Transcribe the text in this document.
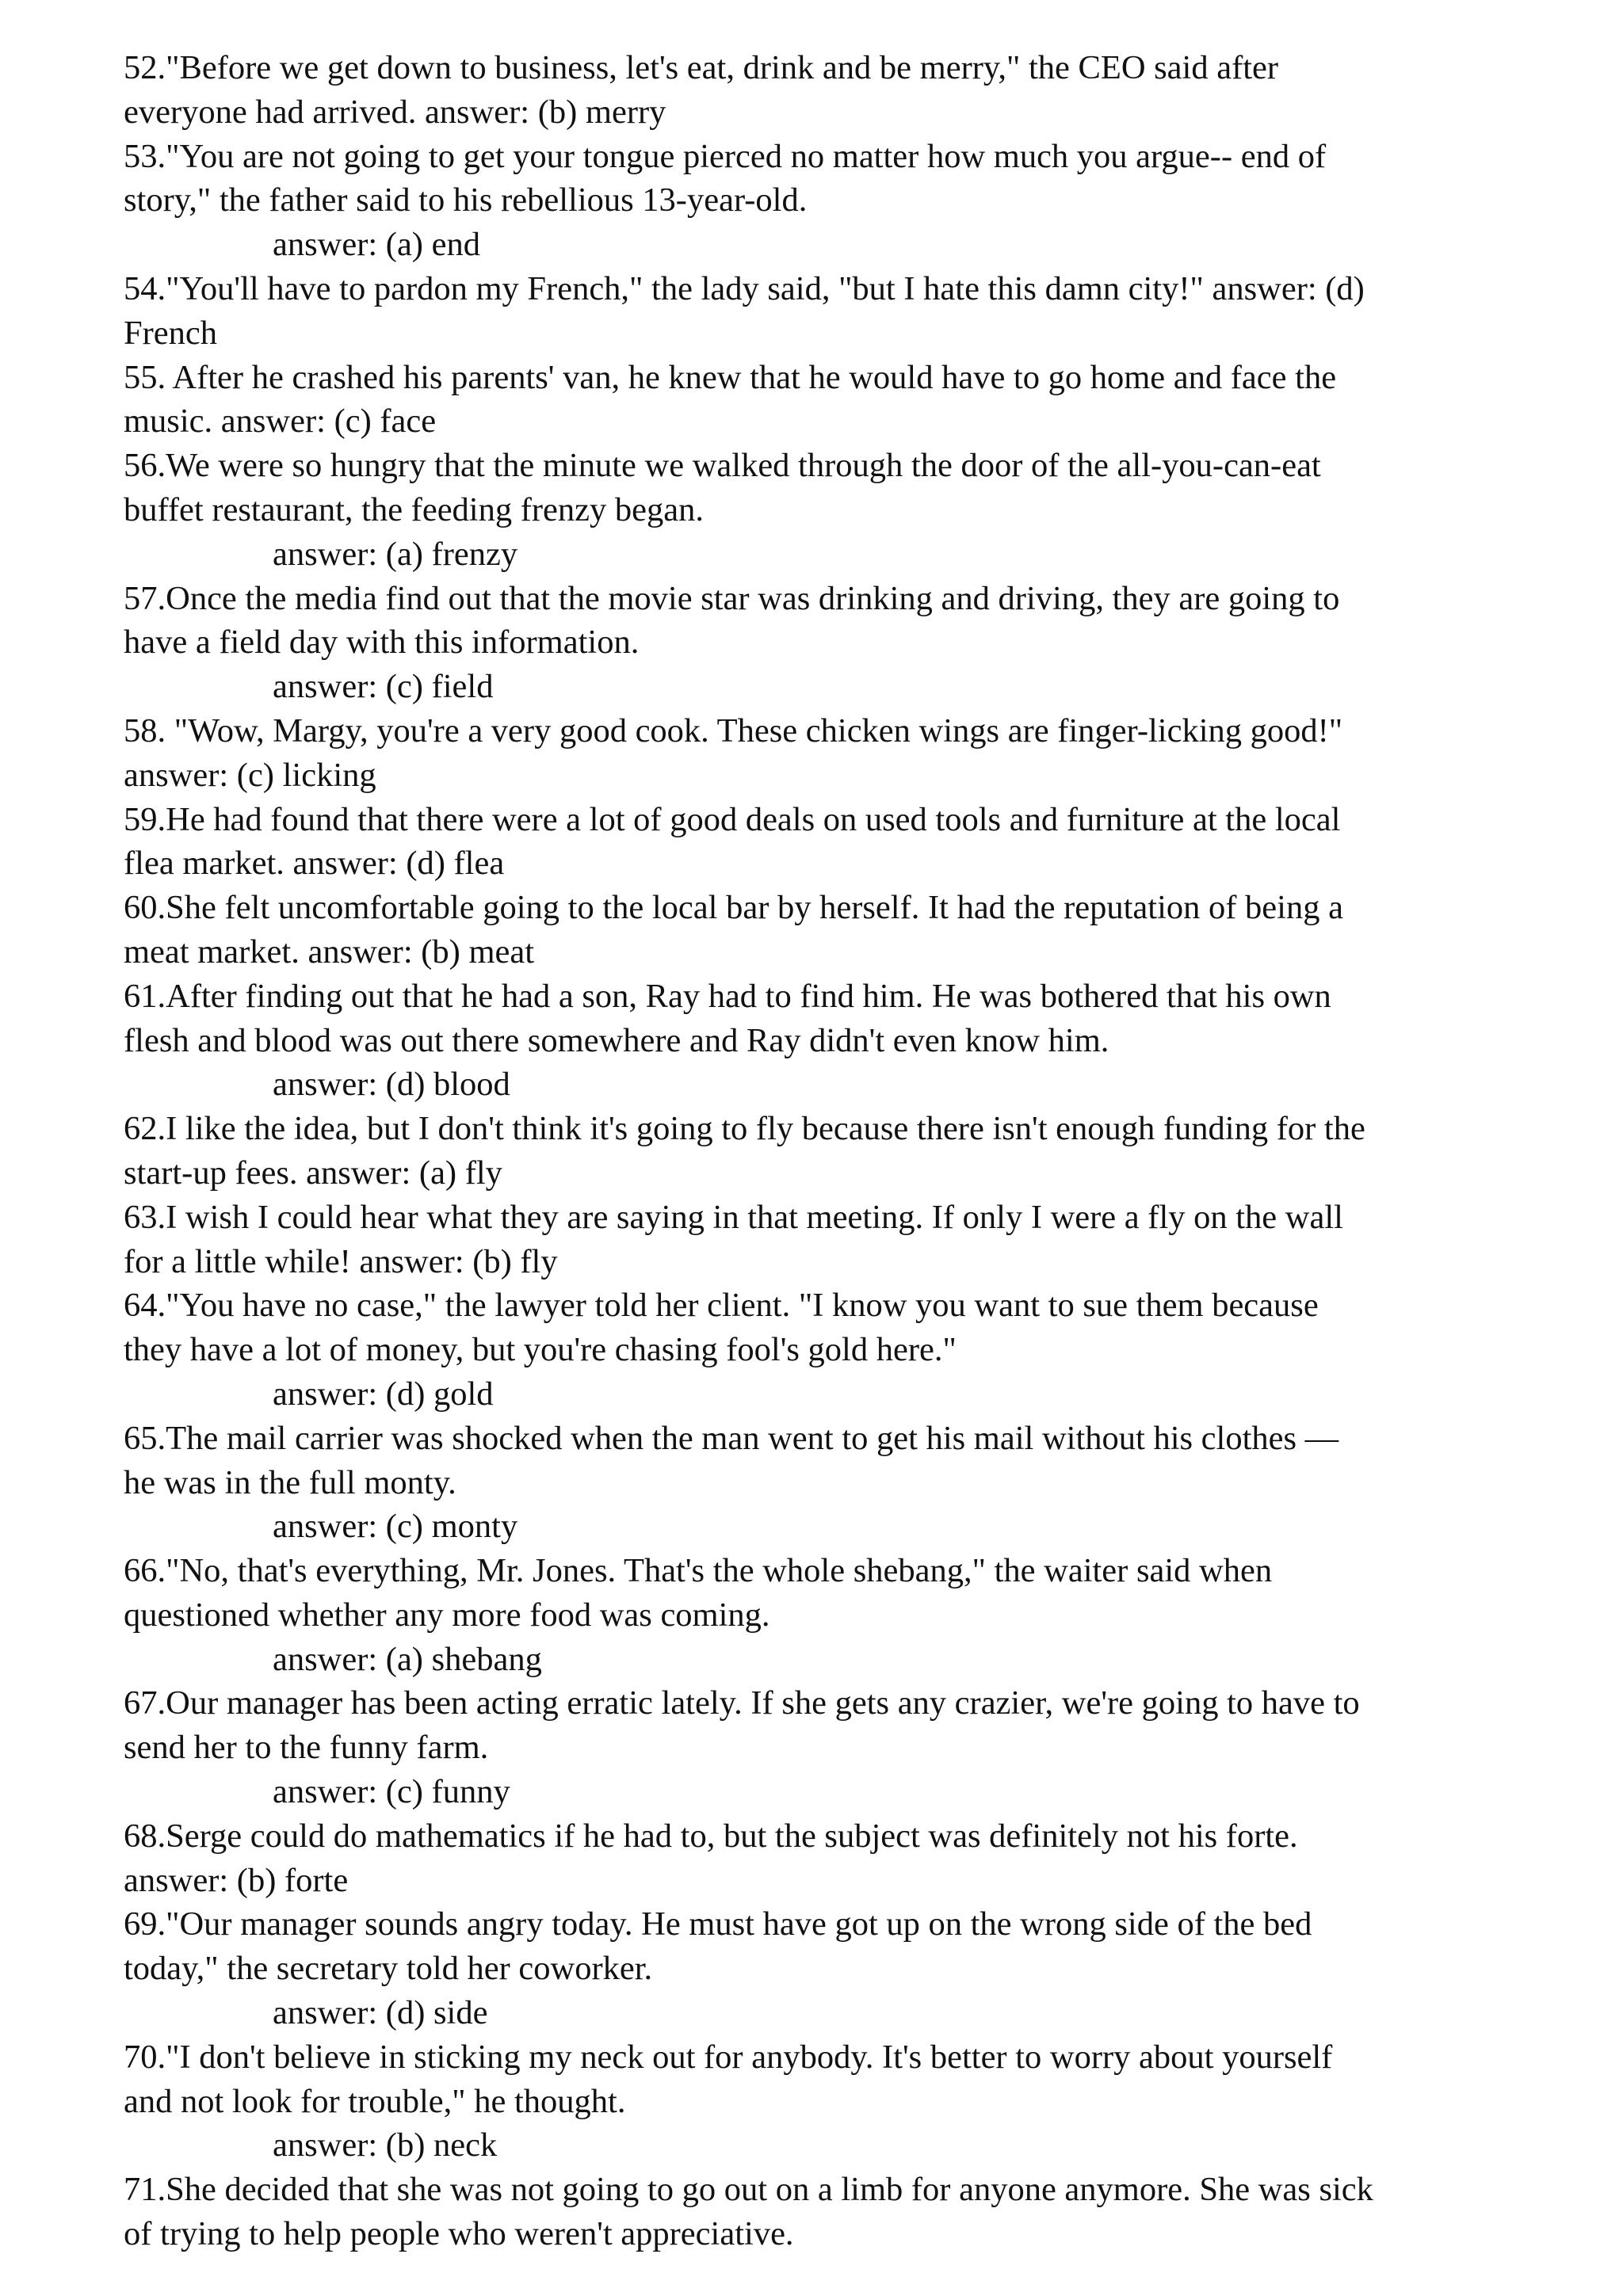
52."Before we get down to business, let's eat, drink and be merry," the CEO said after
everyone had arrived. answer: (b) merry
53."You are not going to get your tongue pierced no matter how much you argue-- end of
story," the father said to his rebellious 13-year-old.
answer: (a) end
54."You'll have to pardon my French," the lady said, "but I hate this damn city!" answer: (d)
French
55. After he crashed his parents' van, he knew that he would have to go home and face the
music. answer: (c) face
56.We were so hungry that the minute we walked through the door of the all-you-can-eat
buffet restaurant, the feeding frenzy began.
answer: (a) frenzy
57.Once the media find out that the movie star was drinking and driving, they are going to
have a field day with this information.
answer: (c) field
58. "Wow, Margy, you're a very good cook. These chicken wings are finger-licking good!"
answer: (c) licking
59.He had found that there were a lot of good deals on used tools and furniture at the local
flea market. answer: (d) flea
60.She felt uncomfortable going to the local bar by herself. It had the reputation of being a
meat market. answer: (b) meat
61.After finding out that he had a son, Ray had to find him. He was bothered that his own
flesh and blood was out there somewhere and Ray didn't even know him.
answer: (d) blood
62.I like the idea, but I don't think it's going to fly because there isn't enough funding for the
start-up fees. answer: (a) fly
63.I wish I could hear what they are saying in that meeting. If only I were a fly on the wall
for a little while! answer: (b) fly
64."You have no case," the lawyer told her client. "I know you want to sue them because
they have a lot of money, but you're chasing fool's gold here."
answer: (d) gold
65.The mail carrier was shocked when the man went to get his mail without his clothes —
he was in the full monty.
answer: (c) monty
66."No, that's everything, Mr. Jones. That's the whole shebang," the waiter said when
questioned whether any more food was coming.
answer: (a) shebang
67.Our manager has been acting erratic lately. If she gets any crazier, we're going to have to
send her to the funny farm.
answer: (c) funny
68.Serge could do mathematics if he had to, but the subject was definitely not his forte.
answer: (b) forte
69."Our manager sounds angry today. He must have got up on the wrong side of the bed
today," the secretary told her coworker.
answer: (d) side
70."I don't believe in sticking my neck out for anybody. It's better to worry about yourself
and not look for trouble," he thought.
answer: (b) neck
71.She decided that she was not going to go out on a limb for anyone anymore. She was sick
of trying to help people who weren't appreciative.
